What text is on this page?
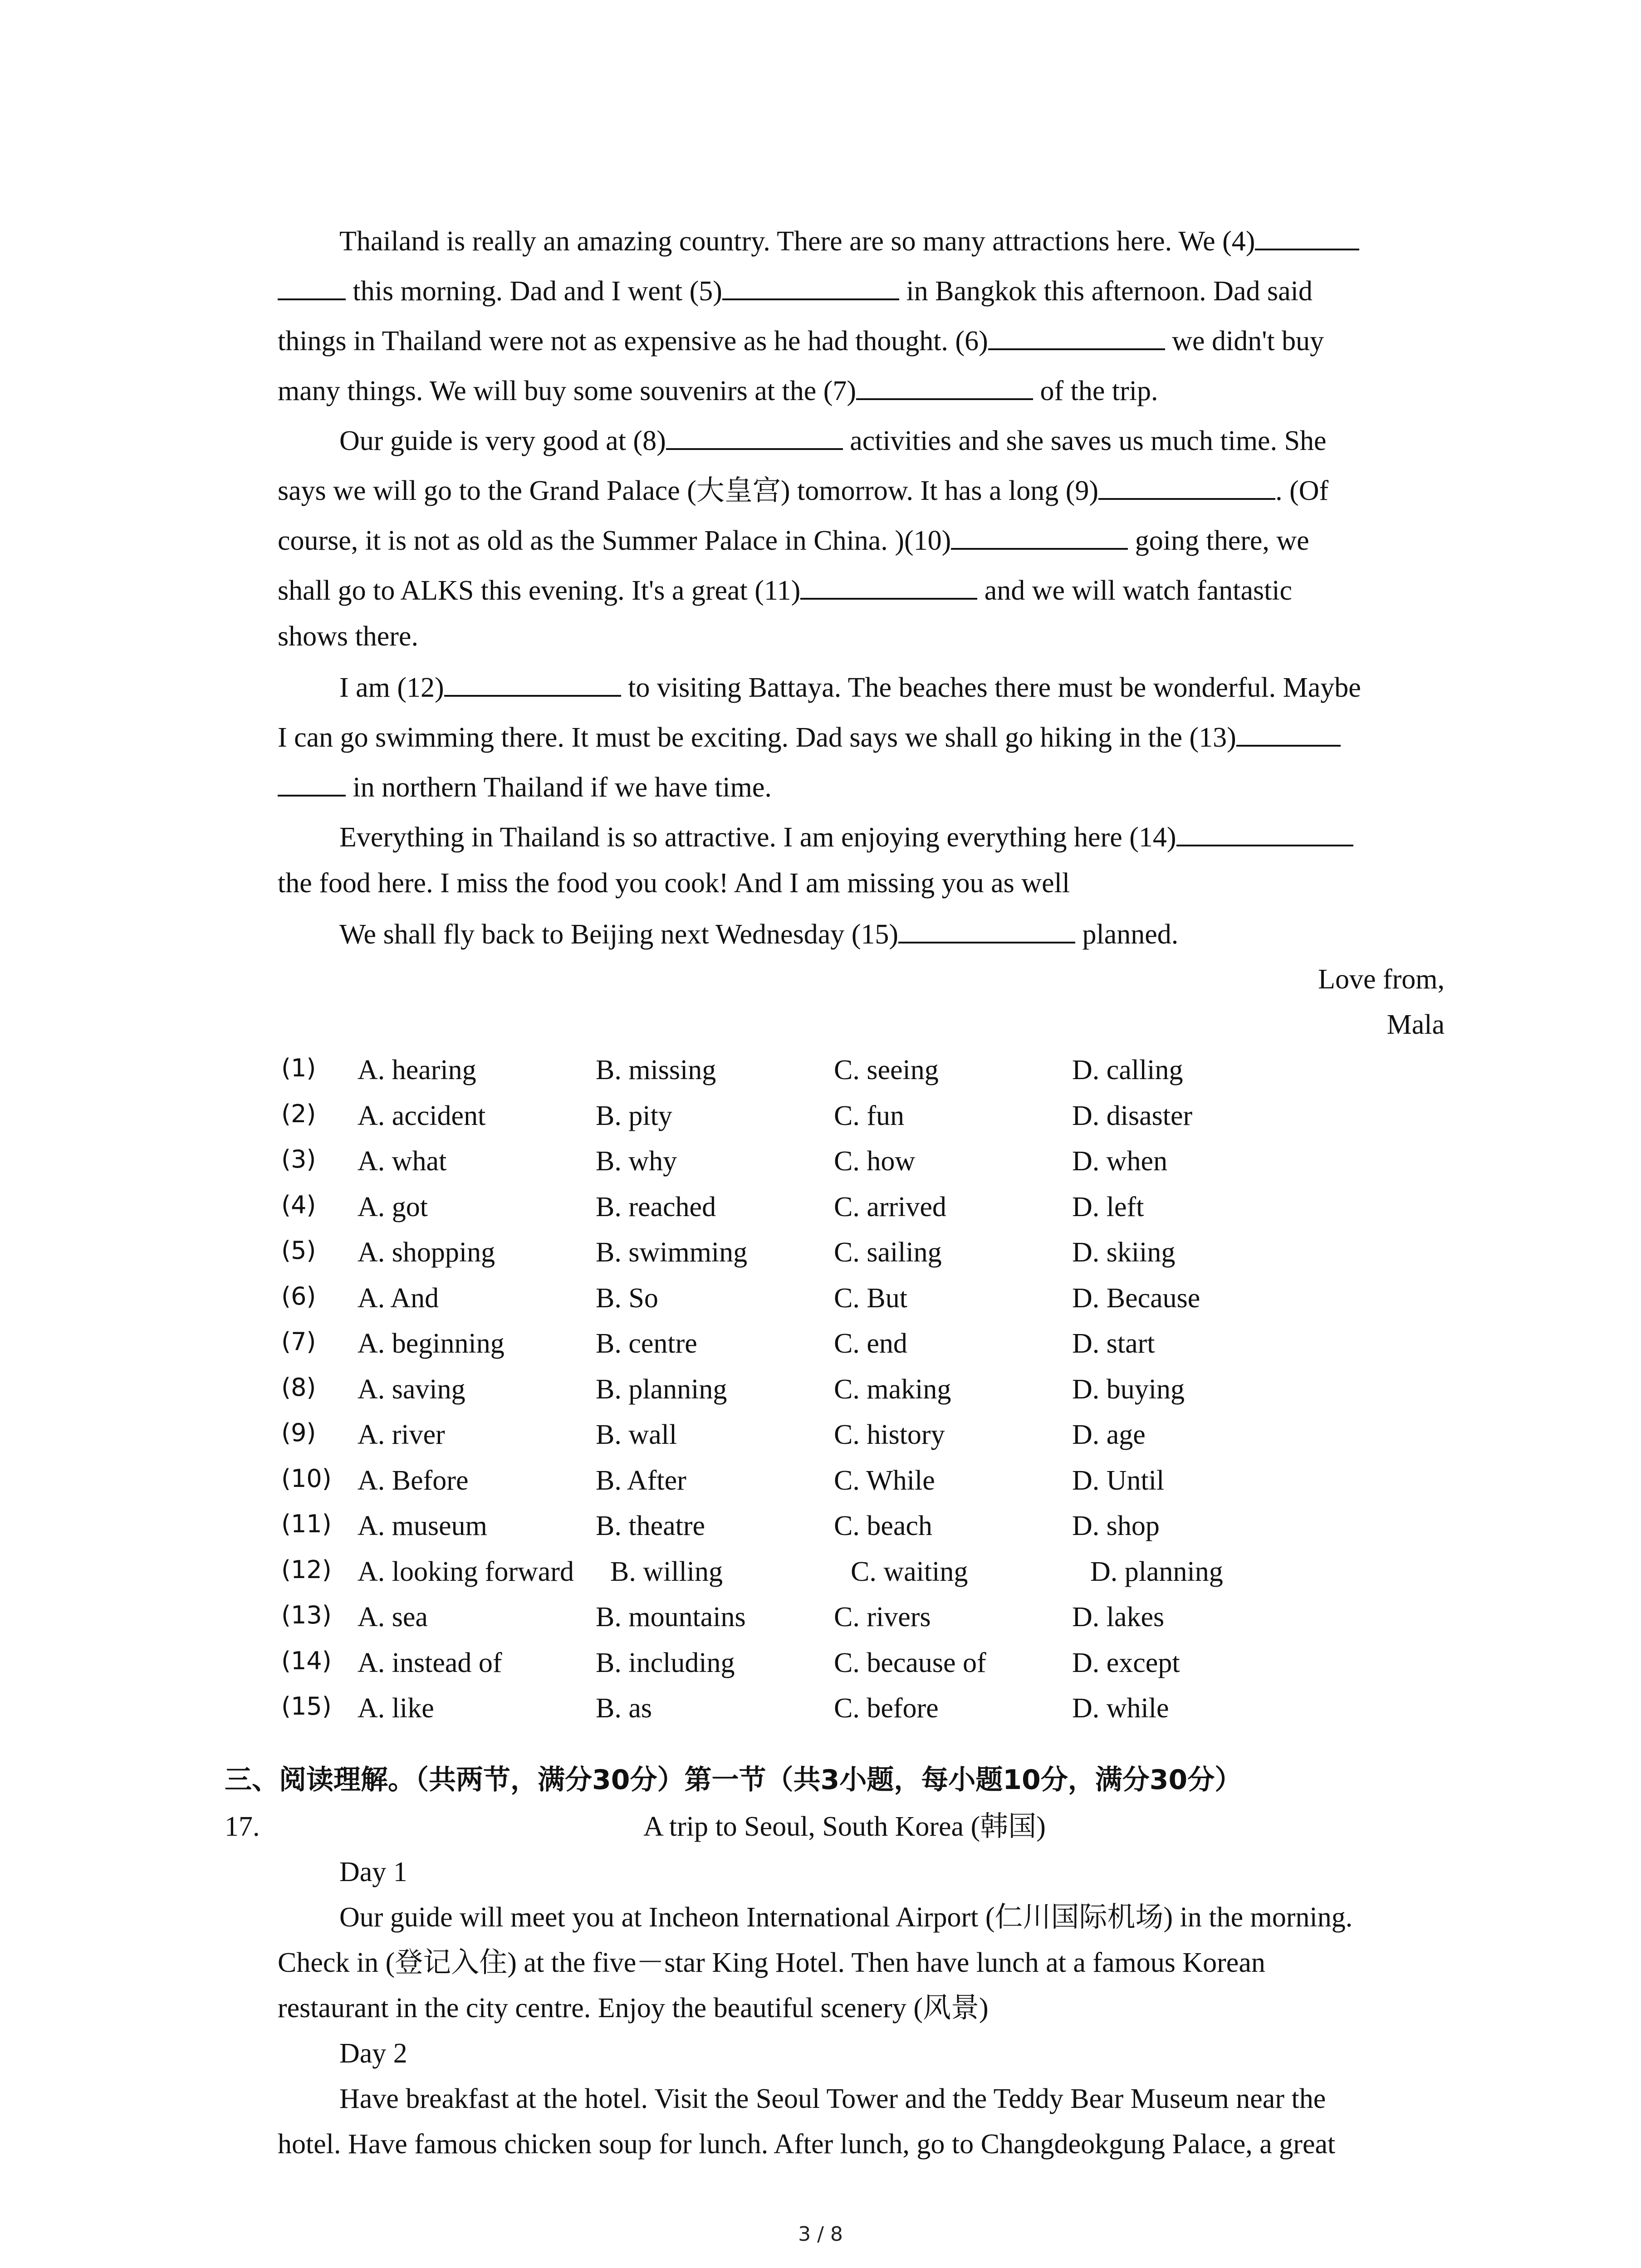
Thailand is really an amazing country. There are so many attractions here. We (4)
this morning. Dad and I went (5)	in Bangkok this afternoon. Dad said
things in Thailand were not as expensive as he had thought. (6)	we didn't buy
many things. We will buy some souvenirs at the (7)	of the trip.
Our guide is very good at (8)	activities and she saves us much time. She
says we will go to the Grand Palace (大皇宫) tomorrow. It has a long (9)	. (Of
course, it is not as old as the Summer Palace in China. )(10)	going there, we
shall go to ALKS this evening. It's a great (11)	and we will watch fantastic
shows there.
I am (12)	to visiting Battaya. The beaches there must be wonderful. Maybe
I can go swimming there. It must be exciting. Dad says we shall go hiking in the (13)
in northern Thailand if we have time.
Everything in Thailand is so attractive. I am enjoying everything here (14)
the food here. I miss the food you cook! And I am missing you as well
We shall fly back to Beijing next Wednesday (15)	planned.
Love from,
Mala
(1) A. hearing	B. missing	C. seeing	D. calling
(2) A. accident	B. pity	C. fun	D. disaster
(3) A. what	B. why	C. how	D. when
(4) A. got	B. reached	C. arrived	D. left
(5) A. shopping	B. swimming	C. sailing	D. skiing
(6) A. And	B. So	C. But	D. Because
(7) A. beginning	B. centre	C. end	D. start
(8) A. saving	B. planning	C. making	D. buying
(9) A. river	B. wall	C. history	D. age
(10) A. Before	B. After	C. While	D. Until
(11) A. museum	B. theatre	C. beach	D. shop
(12) A. looking forward B. willing	C. waiting	D. planning
(13) A. sea	B. mountains	C. rivers	D. lakes
(14) A. instead of	B. including	C. because of	D. except
(15) A. like	B. as	C. before	D. while
三、阅读理解。（共两节，满分30分）第一节（共3小题，每小题10分，满分30分）
17.	A trip to Seoul, South Korea (韩国)
Day 1
Our guide will meet you at Incheon International Airport (仁川国际机场) in the morning.
Check in (登记入住) at the five－star King Hotel. Then have lunch at a famous Korean
restaurant in the city centre. Enjoy the beautiful scenery (风景)
Day 2
Have breakfast at the hotel. Visit the Seoul Tower and the Teddy Bear Museum near the
hotel. Have famous chicken soup for lunch. After lunch, go to Changdeokgung Palace, a great
3 / 8
